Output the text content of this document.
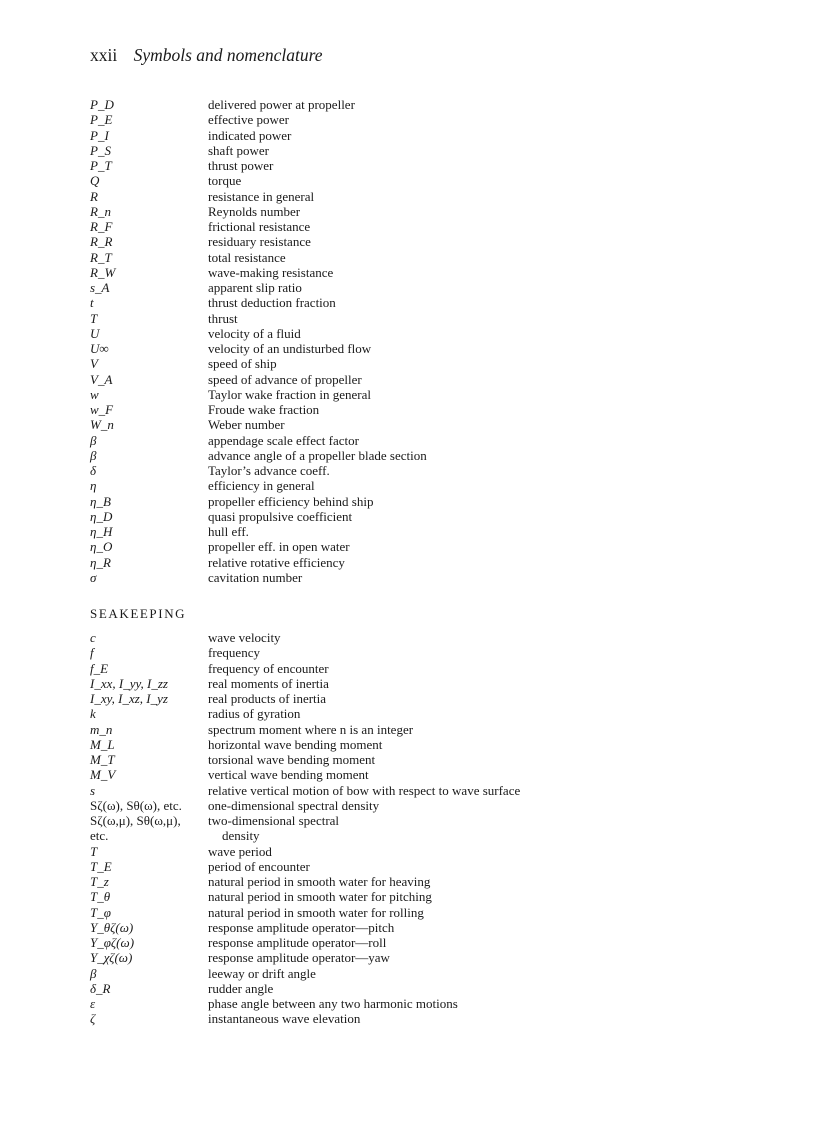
xxii Symbols and nomenclature
P_D	delivered power at propeller
P_E	effective power
P_I	indicated power
P_S	shaft power
P_T	thrust power
Q	torque
R	resistance in general
R_n	Reynolds number
R_F	frictional resistance
R_R	residuary resistance
R_T	total resistance
R_W	wave-making resistance
s_A	apparent slip ratio
t	thrust deduction fraction
T	thrust
U	velocity of a fluid
U∞	velocity of an undisturbed flow
V	speed of ship
V_A	speed of advance of propeller
w	Taylor wake fraction in general
w_F	Froude wake fraction
W_n	Weber number
β	appendage scale effect factor
β	advance angle of a propeller blade section
δ	Taylor’s advance coeff.
η	efficiency in general
η_B	propeller efficiency behind ship
η_D	quasi propulsive coefficient
η_H	hull eff.
η_O	propeller eff. in open water
η_R	relative rotative efficiency
σ	cavitation number
SEAKEEPING
c	wave velocity
f	frequency
f_E	frequency of encounter
I_xx, I_yy, I_zz	real moments of inertia
I_xy, I_xz, I_yz	real products of inertia
k	radius of gyration
m_n	spectrum moment where n is an integer
M_L	horizontal wave bending moment
M_T	torsional wave bending moment
M_V	vertical wave bending moment
s	relative vertical motion of bow with respect to wave surface
Sζ(ω), Sθ(ω), etc.	one-dimensional spectral density
Sζ(ω,μ), Sθ(ω,μ),	two-dimensional spectral
etc.	density
T	wave period
T_E	period of encounter
T_z	natural period in smooth water for heaving
T_θ	natural period in smooth water for pitching
T_φ	natural period in smooth water for rolling
Y_θζ(ω)	response amplitude operator—pitch
Y_φζ(ω)	response amplitude operator—roll
Y_χζ(ω)	response amplitude operator—yaw
β	leeway or drift angle
δ_R	rudder angle
ε	phase angle between any two harmonic motions
ζ	instantaneous wave elevation
